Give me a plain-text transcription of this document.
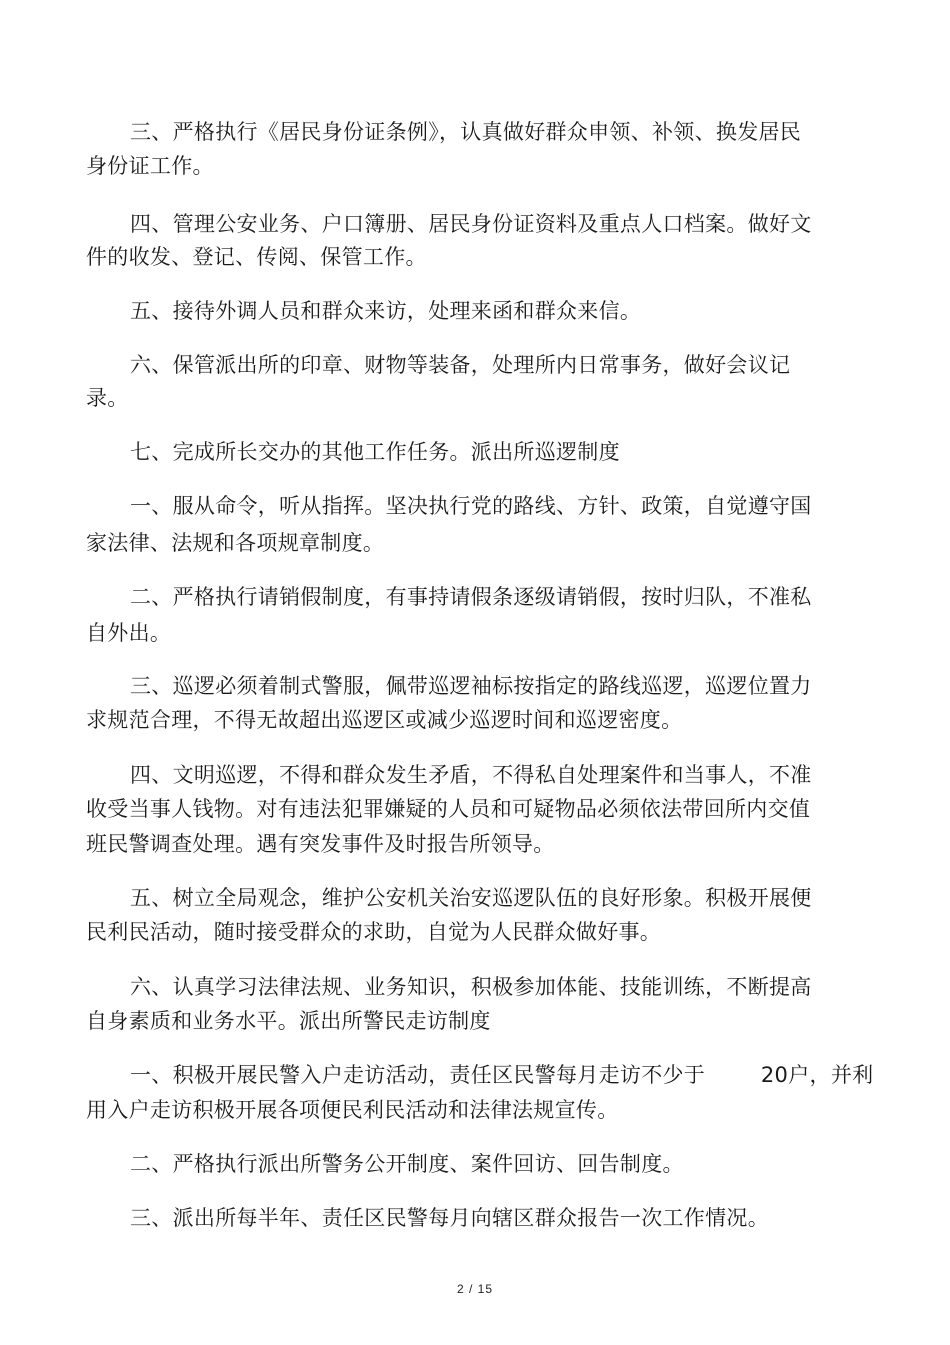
三、严格执行《居民身份证条例》，认真做好群众申领、补领、换发居民
身份证工作。
四、管理公安业务、户口簿册、居民身份证资料及重点人口档案。做好文
件的收发、登记、传阅、保管工作。
五、接待外调人员和群众来访，处理来函和群众来信。
六、保管派出所的印章、财物等装备，处理所内日常事务，做好会议记
录。
七、完成所长交办的其他工作任务。派出所巡逻制度
一、服从命令，听从指挥。坚决执行党的路线、方针、政策，自觉遵守国
家法律、法规和各项规章制度。
二、严格执行请销假制度，有事持请假条逐级请销假，按时归队，不准私
自外出。
三、巡逻必须着制式警服，佩带巡逻袖标按指定的路线巡逻，巡逻位置力
求规范合理，不得无故超出巡逻区或减少巡逻时间和巡逻密度。
四、文明巡逻，不得和群众发生矛盾，不得私自处理案件和当事人，不准
收受当事人钱物。对有违法犯罪嫌疑的人员和可疑物品必须依法带回所内交值
班民警调查处理。遇有突发事件及时报告所领导。
五、树立全局观念，维护公安机关治安巡逻队伍的良好形象。积极开展便
民利民活动，随时接受群众的求助，自觉为人民群众做好事。
六、认真学习法律法规、业务知识，积极参加体能、技能训练，不断提高
自身素质和业务水平。派出所警民走访制度
一、积极开展民警入户走访活动，责任区民警每月走访不少于        20户，并利
用入户走访积极开展各项便民利民活动和法律法规宣传。
二、严格执行派出所警务公开制度、案件回访、回告制度。
三、派出所每半年、责任区民警每月向辖区群众报告一次工作情况。
2 / 15
